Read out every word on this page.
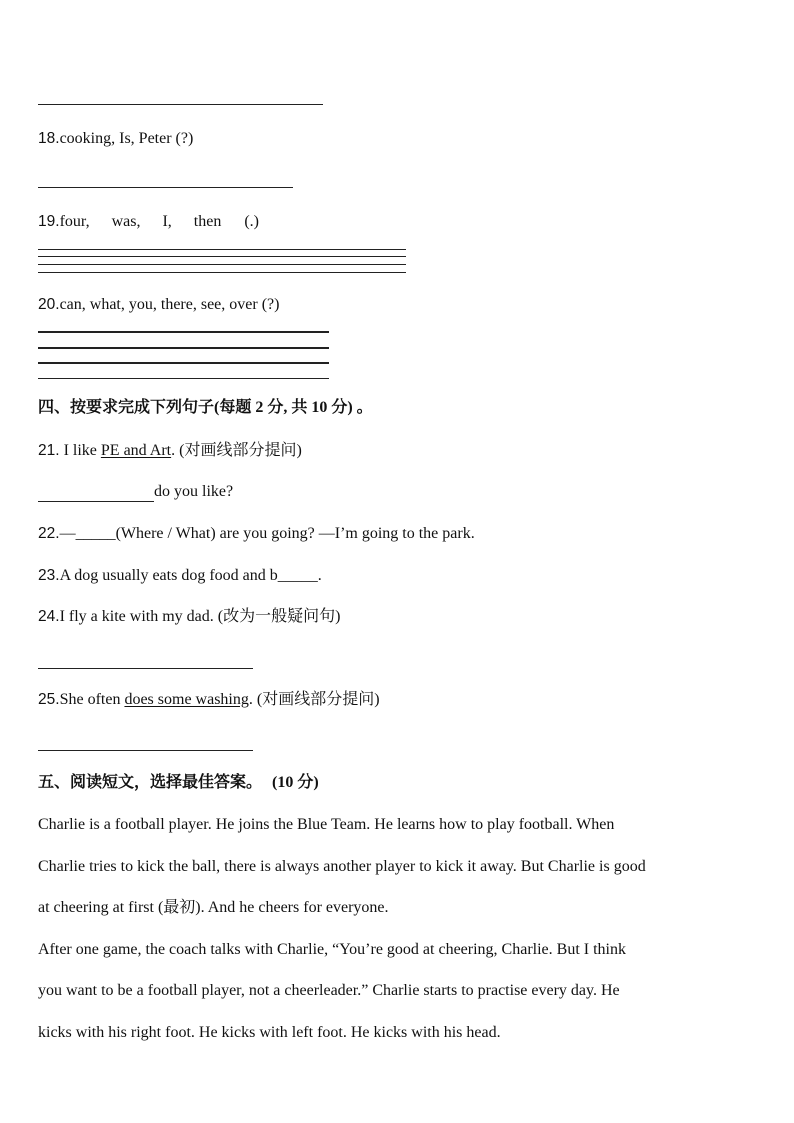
18.cooking, Is, Peter (?)
19.four, was, I, then (.)
20.can, what, you, there, see, over (?)
四、按要求完成下列句子(每题 2 分, 共 10 分) 。
21. I like PE and Art. (对画线部分提问)
do you like?
22.—_____(Where / What) are you going? —I’m going to the park.
23.A dog usually eats dog food and b_____.
24.I fly a kite with my dad. (改为一般疑问句)
25.She often does some washing. (对画线部分提问)
五、阅读短文，选择最佳答案。 (10 分)
Charlie is a football player. He joins the Blue Team. He learns how to play football. When
Charlie tries to kick the ball, there is always another player to kick it away. But Charlie is good
at cheering at first (最初). And he cheers for everyone.
After one game, the coach talks with Charlie, “You’re good at cheering, Charlie. But I think
you want to be a football player, not a cheerleader.” Charlie starts to practise every day. He
kicks with his right foot. He kicks with left foot. He kicks with his head.
